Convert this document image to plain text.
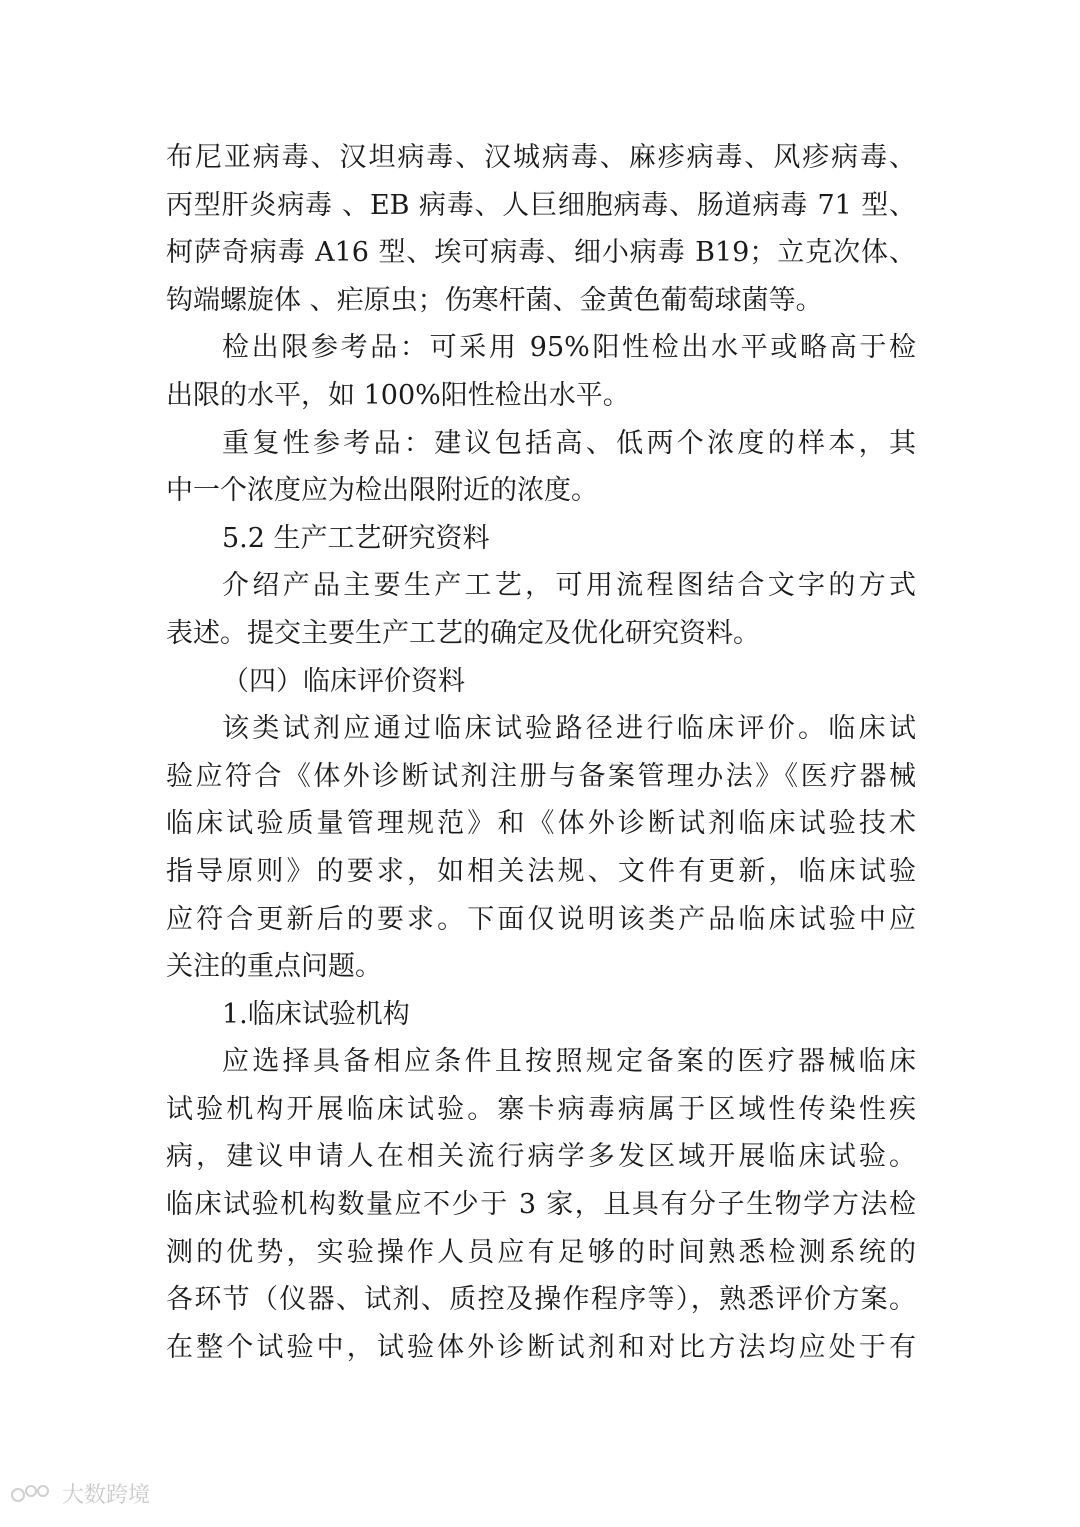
布尼亚病毒、汉坦病毒、汉城病毒、麻疹病毒、风疹病毒、
丙型肝炎病毒 、EB 病毒、人巨细胞病毒、肠道病毒 71 型、
柯萨奇病毒 A16 型、埃可病毒、细小病毒 B19；立克次体、
钩端螺旋体 、疟原虫；伤寒杆菌、金黄色葡萄球菌等。
检出限参考品：可采用 95%阳性检出水平或略高于检
出限的水平，如 100%阳性检出水平。
重复性参考品：建议包括高、低两个浓度的样本，其
中一个浓度应为检出限附近的浓度。
5.2 生产工艺研究资料
介绍产品主要生产工艺，可用流程图结合文字的方式
表述。提交主要生产工艺的确定及优化研究资料。
（四）临床评价资料
该类试剂应通过临床试验路径进行临床评价。临床试
验应符合《体外诊断试剂注册与备案管理办法》《医疗器械
临床试验质量管理规范》和《体外诊断试剂临床试验技术
指导原则》的要求，如相关法规、文件有更新，临床试验
应符合更新后的要求。下面仅说明该类产品临床试验中应
关注的重点问题。
1.临床试验机构
应选择具备相应条件且按照规定备案的医疗器械临床
试验机构开展临床试验。寨卡病毒病属于区域性传染性疾
病，建议申请人在相关流行病学多发区域开展临床试验。
临床试验机构数量应不少于 3 家，且具有分子生物学方法检
测的优势，实验操作人员应有足够的时间熟悉检测系统的
各环节（仪器、试剂、质控及操作程序等），熟悉评价方案。
在整个试验中，试验体外诊断试剂和对比方法均应处于有
大数跨境
